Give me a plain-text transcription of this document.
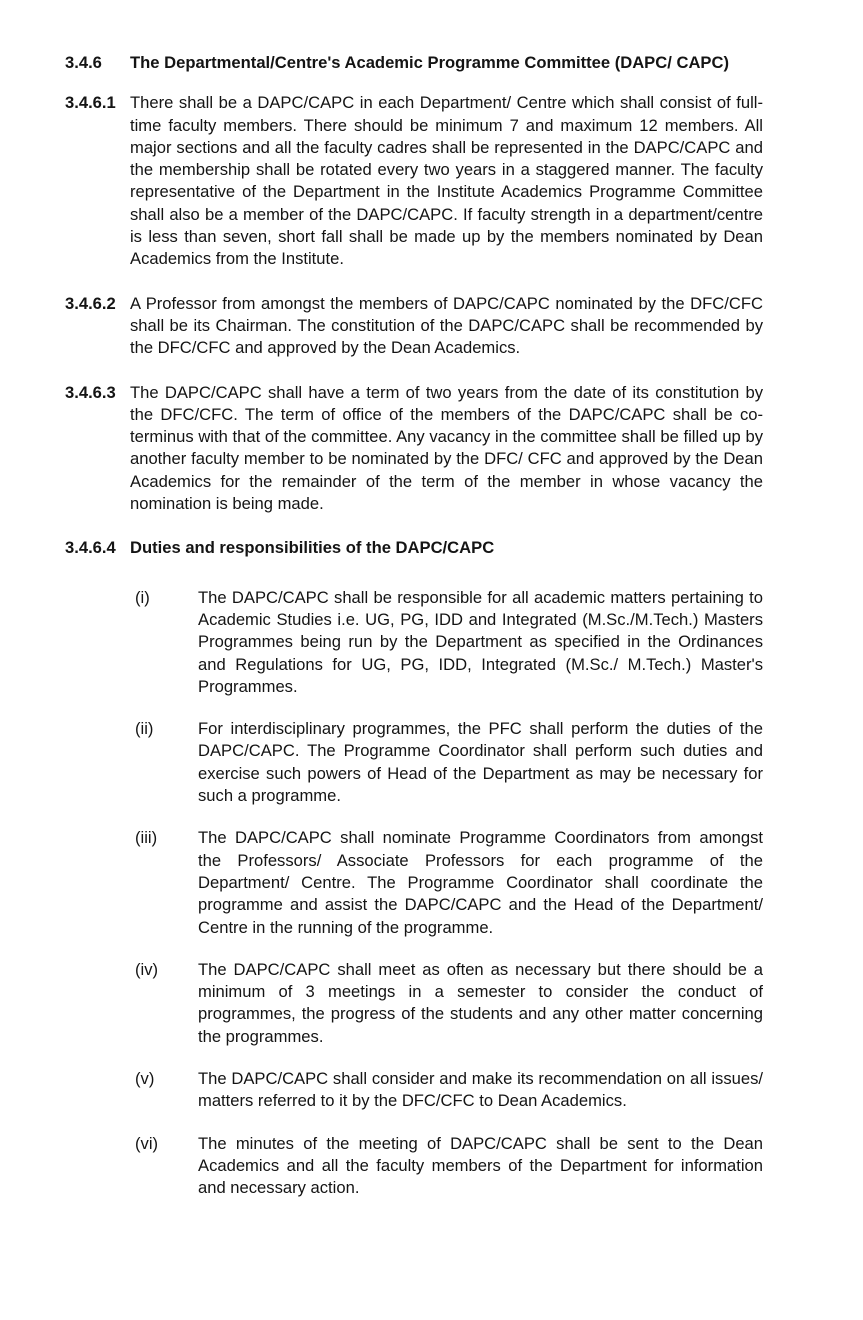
3.4.6	The Departmental/Centre's Academic Programme Committee (DAPC/ CAPC)
3.4.6.1 There shall be a DAPC/CAPC in each Department/ Centre which shall consist of full-time faculty members. There should be minimum 7 and maximum 12 members. All major sections and all the faculty cadres shall be represented in the DAPC/CAPC and the membership shall be rotated every two years in a staggered manner. The faculty representative of the Department in the Institute Academics Programme Committee shall also be a member of the DAPC/CAPC. If faculty strength in a department/centre is less than seven, short fall shall be made up by the members nominated by Dean Academics from the Institute.
3.4.6.2 A Professor from amongst the members of DAPC/CAPC nominated by the DFC/CFC shall be its Chairman. The constitution of the DAPC/CAPC shall be recommended by the DFC/CFC and approved by the Dean Academics.
3.4.6.3 The DAPC/CAPC shall have a term of two years from the date of its constitution by the DFC/CFC. The term of office of the members of the DAPC/CAPC shall be co-terminus with that of the committee. Any vacancy in the committee shall be filled up by another faculty member to be nominated by the DFC/ CFC and approved by the Dean Academics for the remainder of the term of the member in whose vacancy the nomination is being made.
3.4.6.4 Duties and responsibilities of the DAPC/CAPC
(i)	The DAPC/CAPC shall be responsible for all academic matters pertaining to Academic Studies i.e. UG, PG, IDD and Integrated (M.Sc./M.Tech.) Masters Programmes being run by the Department as specified in the Ordinances and Regulations for UG, PG, IDD, Integrated (M.Sc./ M.Tech.) Master's Programmes.
(ii)	For interdisciplinary programmes, the PFC shall perform the duties of the DAPC/CAPC. The Programme Coordinator shall perform such duties and exercise such powers of Head of the Department as may be necessary for such a programme.
(iii)	The DAPC/CAPC shall nominate Programme Coordinators from amongst the Professors/ Associate Professors for each programme of the Department/ Centre. The Programme Coordinator shall coordinate the programme and assist the DAPC/CAPC and the Head of the Department/ Centre in the running of the programme.
(iv)	The DAPC/CAPC shall meet as often as necessary but there should be a minimum of 3 meetings in a semester to consider the conduct of programmes, the progress of the students and any other matter concerning the programmes.
(v)	The DAPC/CAPC shall consider and make its recommendation on all issues/ matters referred to it by the DFC/CFC to Dean Academics.
(vi)	The minutes of the meeting of DAPC/CAPC shall be sent to the Dean Academics and all the faculty members of the Department for information and necessary action.
